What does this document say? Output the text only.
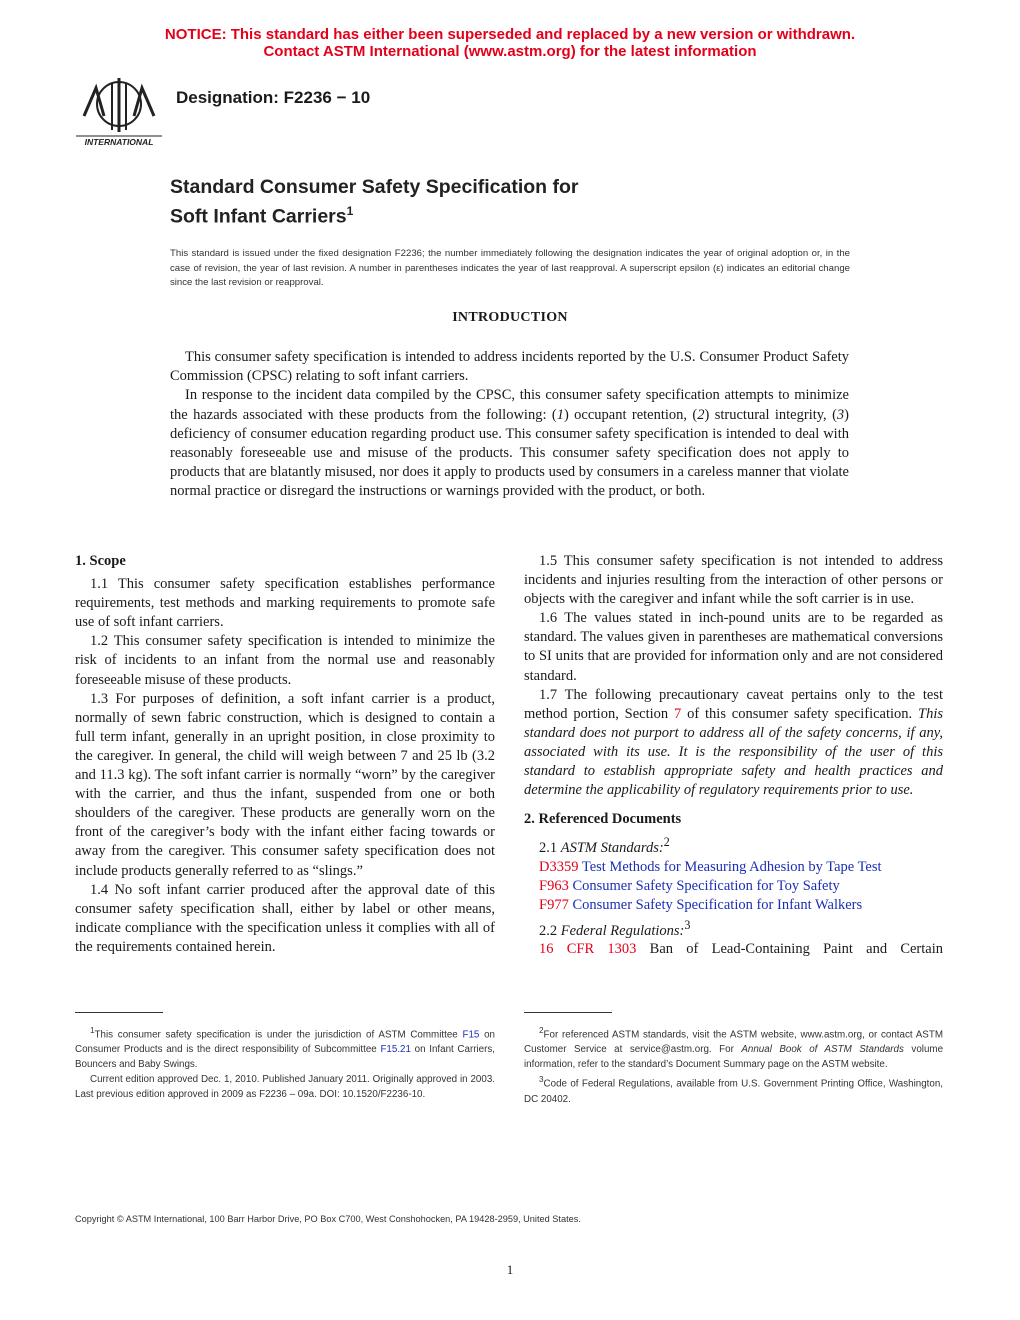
NOTICE: This standard has either been superseded and replaced by a new version or withdrawn.
Contact ASTM International (www.astm.org) for the latest information
INTERNATIONAL
Designation: F2236 − 10
Standard Consumer Safety Specification for
Soft Infant Carriers$^1$
This standard is issued under the fixed designation F2236; the number immediately following the designation indicates the year of original adoption or, in the case of revision, the year of last revision. A number in parentheses indicates the year of last reapproval. A superscript epsilon (ε) indicates an editorial change since the last revision or reapproval.
INTRODUCTION

This consumer safety specification is intended to address incidents reported by the U.S. Consumer Product Safety Commission (CPSC) relating to soft infant carriers.

In response to the incident data compiled by the CPSC, this consumer safety specification attempts to minimize the hazards associated with these products from the following: (1) occupant retention, (2) structural integrity, (3) deficiency of consumer education regarding product use. This consumer safety specification is intended to deal with reasonably foreseeable use and misuse of the products. This consumer safety specification does not apply to products that are blatantly misused, nor does it apply to products used by consumers in a careless manner that violate normal practice or disregard the instructions or warnings provided with the product, or both.

1. Scope

1.1 This consumer safety specification establishes performance requirements, test methods and marking requirements to promote safe use of soft infant carriers.

1.2 This consumer safety specification is intended to minimize the risk of incidents to an infant from the normal use and reasonably foreseeable misuse of these products.

1.3 For purposes of definition, a soft infant carrier is a product, normally of sewn fabric construction, which is designed to contain a full term infant, generally in an upright position, in close proximity to the caregiver. In general, the child will weigh between 7 and 25 lb (3.2 and 11.3 kg). The soft infant carrier is normally “worn” by the caregiver with the carrier, and thus the infant, suspended from one or both shoulders of the caregiver. These products are generally worn on the front of the caregiver’s body with the infant either facing towards or away from the caregiver. This consumer safety specification does not include products generally referred to as “slings.”

1.4 No soft infant carrier produced after the approval date of this consumer safety specification shall, either by label or other means, indicate compliance with the specification unless it complies with all of the requirements contained herein.

1.5 This consumer safety specification is not intended to address incidents and injuries resulting from the interaction of other persons or objects with the caregiver and infant while the soft carrier is in use.

1.6 The values stated in inch-pound units are to be regarded as standard. The values given in parentheses are mathematical conversions to SI units that are provided for information only and are not considered standard.

1.7 The following precautionary caveat pertains only to the test method portion, Section 7 of this consumer safety specification. This standard does not purport to address all of the safety concerns, if any, associated with its use. It is the responsibility of the user of this standard to establish appropriate safety and health practices and determine the applicability of regulatory requirements prior to use.

2. Referenced Documents

2.1 ASTM Standards:$^2$

D3359 Test Methods for Measuring Adhesion by Tape Test

F963 Consumer Safety Specification for Toy Safety

F977 Consumer Safety Specification for Infant Walkers

2.2 Federal Regulations:$^3$

16 CFR 1303 Ban of Lead-Containing Paint and Certain

$^1$This consumer safety specification is under the jurisdiction of ASTM Committee F15 on Consumer Products and is the direct responsibility of Subcommittee F15.21 on Infant Carriers, Bouncers and Baby Swings.

Current edition approved Dec. 1, 2010. Published January 2011. Originally approved in 2003. Last previous edition approved in 2009 as F2236 – 09a. DOI: 10.1520/F2236-10.

$^2$For referenced ASTM standards, visit the ASTM website, www.astm.org, or contact ASTM Customer Service at service@astm.org. For Annual Book of ASTM Standards volume information, refer to the standard’s Document Summary page on the ASTM website.

$^3$Code of Federal Regulations, available from U.S. Government Printing Office, Washington, DC 20402.

Copyright © ASTM International, 100 Barr Harbor Drive, PO Box C700, West Conshohocken, PA 19428-2959, United States.
1
